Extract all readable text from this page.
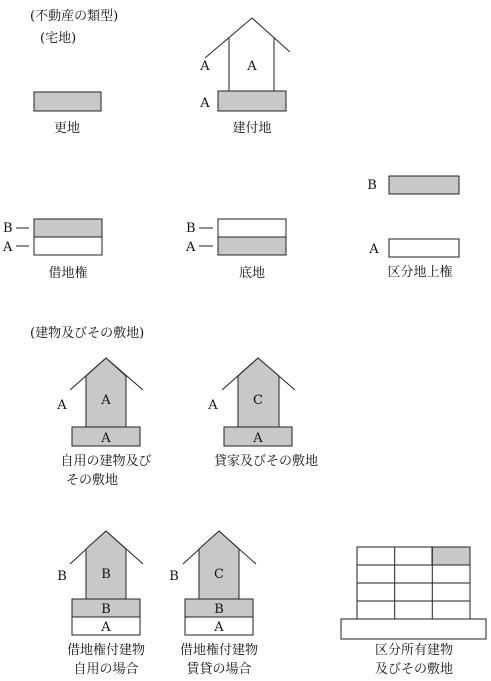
(不動産の類型)
(宅地)
更地
A
A
A
建付地
B
A
区分地上権
B
A
借地権
B
A
底地
(建物及びその敷地)
A
A
A
自用の建物及び
その敷地
C
A
A
貸家及びその敷地
B
B
A
B
借地権付建物
自用の場合
C
B
A
B
借地権付建物
賃貸の場合
区分所有建物
及びその敷地
